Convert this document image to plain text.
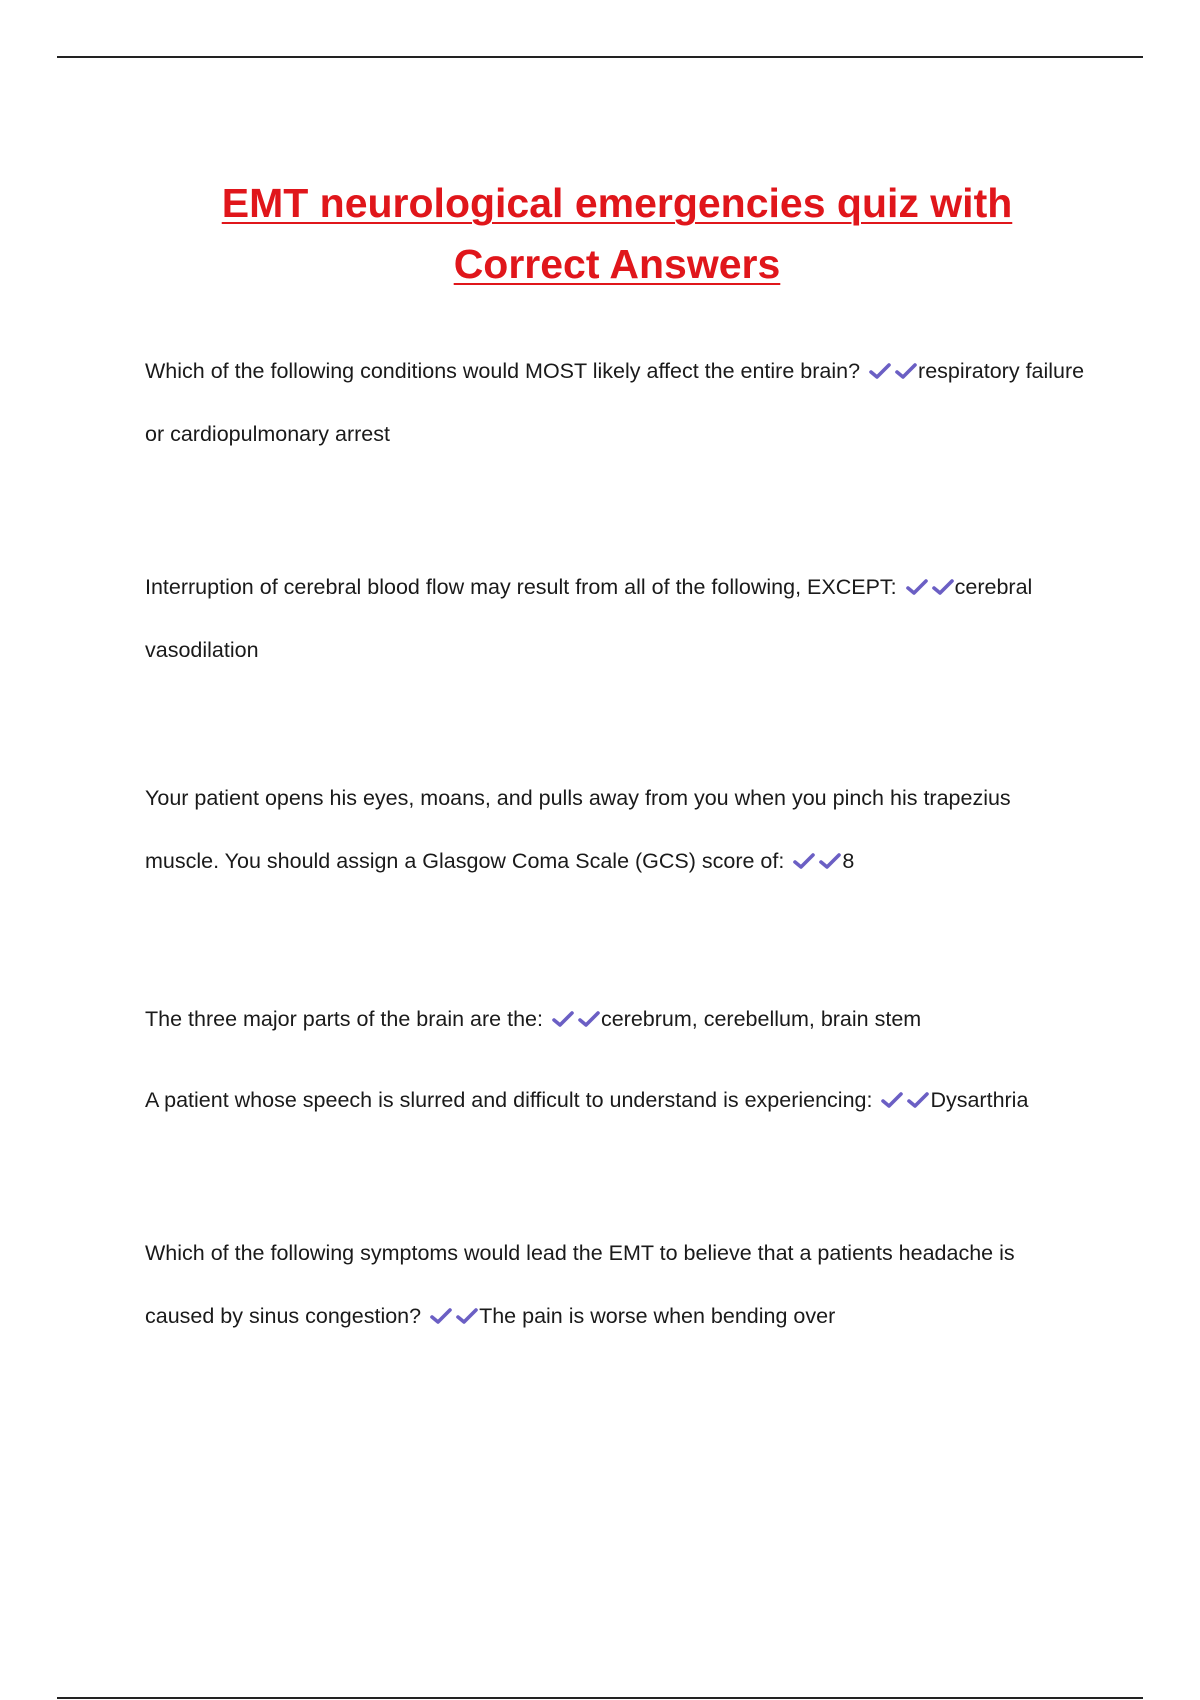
EMT neurological emergencies quiz with
Correct Answers

Which of the following conditions would MOST likely affect the entire brain?	respiratory failure or cardiopulmonary arrest

Interruption of cerebral blood flow may result from all of the following, EXCEPT:	cerebral vasodilation

Your patient opens his eyes, moans, and pulls away from you when you pinch his trapezius muscle. You should assign a Glasgow Coma Scale (GCS) score of:	8

The three major parts of the brain are the:	cerebrum, cerebellum, brain stem

A patient whose speech is slurred and difficult to understand is experiencing:	Dysarthria

Which of the following symptoms would lead the EMT to believe that a patients headache is caused by sinus congestion?	The pain is worse when bending over
